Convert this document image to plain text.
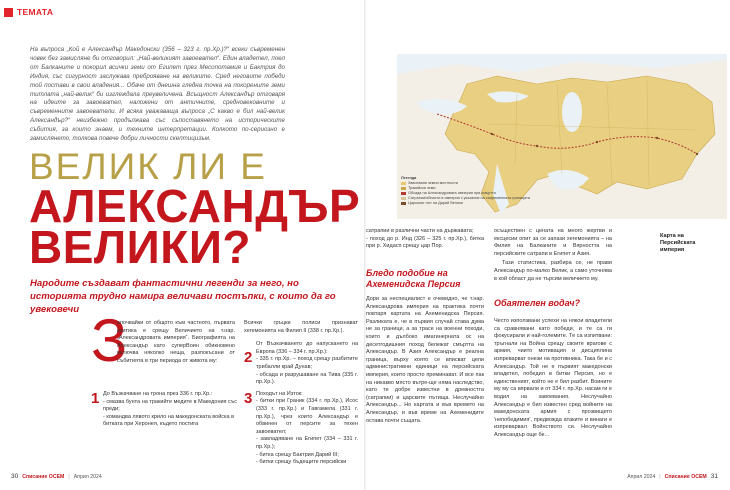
ТЕМАТА

На въпроса „Кой е Александър Македонски (356 – 323 г. пр.Хр.)?“ всеки съвременен човек без замисляне би отговорил: „Най-великият завоевател“. Един владетел, поел от Балканите и покорил всички земи от Египет през Месопотамия и Бактрия до Индия, със сигурност заслужава преброяване на великите. Сред неговите победи той постави в свои владения... Обаче от днешна гледна точка на покорените земи титлата „най-велик“ би изглеждала преувеличена. Всъщност Александър отговаря на идеите за завоевател, наложени от античните, средновековните и съвременните завоеватели. И всяка уважаваща въпроса „С какво е бил най-велик Александър?“ неизбежно продължава със съпоставянето на историческите събития, за които знаем, и техните интерпретации. Колкото по-сериозно е замислянето, толкова повече добри личности скептицизъм.

ВЕЛИК ЛИ Е
АЛЕКСАНДЪР
ВЕЛИКИ?

Народите създават фантастични легенди за него, но историята трудно намира величави постъпки, с които да го увековечи З

апочвайки от общото към частното, първата критика е срещу Величието на т.нар. „Александровата империя“. Биографията на Александър като суперВоин обикновено включва няколко неща, разпокъсани от събитията в три периода от живота му:

1 До Възкачване на трона през 336 г. пр.Хр.:
- смазва бунта на тракийте медите в Македония със преди;
- командва лявото крило на македонската войска в битката при Херонея, където постига
Всички гръцки полиси признават хегемонията на Филип II (338 г. пр.Хр.).
От Възкачването до напускането на Европа (336 – 334 г. пр.Хр.):
- 335 г. пр.Хр. – поход срещу разбитите трибалли край Дунав;
- обсада и разрушаване на Тива (335 г. пр.Хр.).
Походът на Изток:
- битки при Граник (334 г. пр.Хр.), Исос (333 г. пр.Хр.) и Гавгамела (331 г. пр.Хр.), чрез които Александър е обвинен от персите за техен завоевател;
- завладяване на Египет (334 – 331 г. пр.Хр.);
- битка срещу Бактрия Дарий III;
- битки срещу бъдещите персийски
2
3
Легенда
Завоевани земни местности
Тракийски земи
Обсада на Александровата империя при смъртта
Сатрапии/области в империя с указания на съвременната границата
Царският път на Дарий Велики
сатрапии в различни части на държавата;
- поход до р. Инд (326 – 325 г. пр.Хр.), битка при р. Хидасп срещу цар Пор.
Бледо подобие на Ахеменидска Персия

Дори за неспециалист е очевидно, че т.нар. Александрова империя на практика почти повтаря картата на Ахеменидска Персия. Разликата е, че в първия случай става дума не за граници, а за трасе на военни походи, които и дълбоко имагинерната ос на десетгодишния поход бележат смъртта на Александър. В Азия Александър е реална граница, върху която се вписват цели административни единици на персийската империя, които просто преминават. И все пак на никакво място вътре-ще няма наследство, като те добре известни в древността (сатрапии) и царските пътища. Неслучайно Александър... Но картата и във времето на Александър, и във време на Ахеменидите остава почти същата.

осъществен с цената на много жертви и ексцесии опит за се запази хегемонията – на Филип на Балканите и Вярността на персийските сатрапи в Египет и Азия.
Тази статистика, разбира се, не прави Александър по-малко Велик, а само уточнява в кой област да не търсим величието му.
Обаятелен водач?

Често използвани успехи на някои владетели са сравнявани като победи, и те са ги фокусирали и най-големите. Те са изпитвани: тръгнали на Война срещу своите врагове с армия, чиито мотивация и дисциплина изпреварват онези на противника. Така бе и с Александър. Той не е първият македонски владетел, победил в битки Персия, но е единственият, който не е бил разбит. Воините му му са вярвали и от 334 г. пр.Хр. насам ги е водил на завоевания. Неслучайно Александър е бил известен сред войните на македонската армия с прозвището 'непобедимия', предвожда атаките и винаги е изпреварвал Войнството си. Неслучайно Александър още бе...

Карта на Персийската империя
30 Списание ОСЕМ | Април 2024	Април 2024 | Списание ОСЕМ 31
